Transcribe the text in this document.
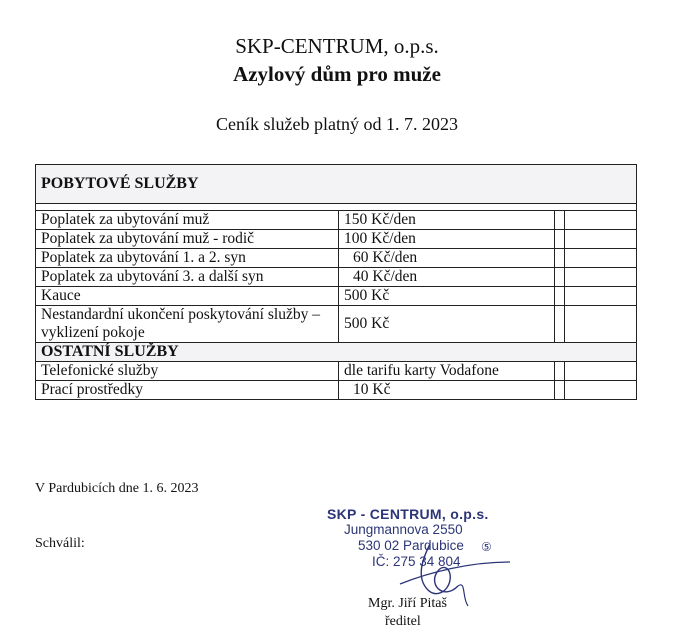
SKP-CENTRUM, o.p.s.
Azylový dům pro muže
Ceník služeb platný od 1. 7. 2023
POBYTOVÉ SLUŽBY			

Poplatek za ubytování muž	150 Kč/den		
Poplatek za ubytování muž - rodič	100 Kč/den		
Poplatek za ubytování 1. a 2. syn	60 Kč/den		
Poplatek za ubytování 3. a další syn	40 Kč/den		
Kauce	500 Kč		
Nestandardní ukončení poskytování služby – vyklizení pokoje	500 Kč		
OSTATNÍ SLUŽBY			
Telefonické služby	dle tarifu karty Vodafone		
Prací prostředky	10 Kč		
V Pardubicích dne 1. 6. 2023
Schválil:
SKP - CENTRUM, o.p.s.
Jungmannova 2550
530 02 Pardubice
IČ: 275 34 804
⑤
Mgr. Jiří Pitaš
ředitel
